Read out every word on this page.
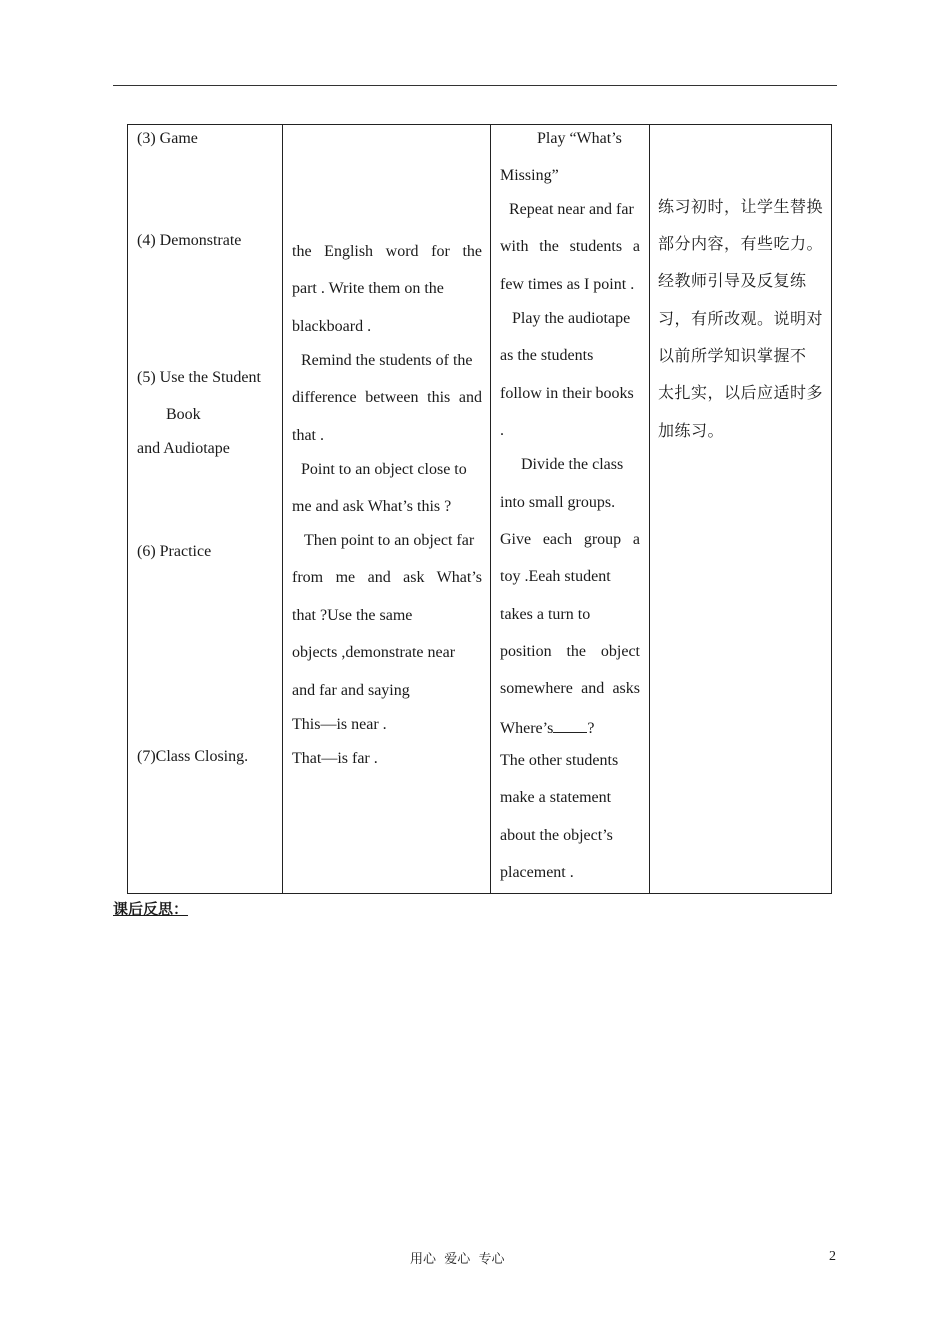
(3) Game
(4) Demonstrate
(5) Use the Student
Book
and Audiotape
(6) Practice
(7)Class Closing.
the English word for the
part . Write them on the
blackboard .
Remind the students of the
difference between this and
that .
Point to an object close to
me and ask What’s this ?
Then point to an object far
from me and ask What’s
that ?Use the same
objects ,demonstrate near
and far and saying
This—is near .
That—is far .
Play “What’s
Missing”
Repeat near and far
with the students a
few times as I point .
Play the audiotape
as the students
follow in their books
.
Divide the class
into small groups.
Give each group a
toy .Eeah student
takes a turn to
position the object
somewhere and asks
Where’s ?
The other students
make a statement
about the object’s
placement .
练习初时，让学生替换
部分内容，有些吃力。
经教师引导及反复练
习，有所改观。说明对
以前所学知识掌握不
太扎实，以后应适时多
加练习。
课后反思：
用心  爱心  专心	2
